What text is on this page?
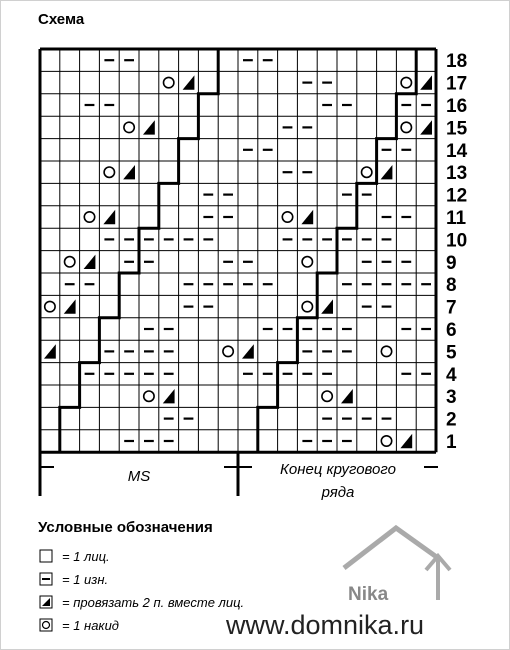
Схема
1
2
3
4
5
6
7
8
9
10
11
12
13
14
15
16
17
18
MS	Конец кругового
ряда
Условные обозначения
= 1 лиц.
= 1 изн.
= провязать 2 п. вместе лиц.
= 1 накид
Nika
www.domnika.ru
